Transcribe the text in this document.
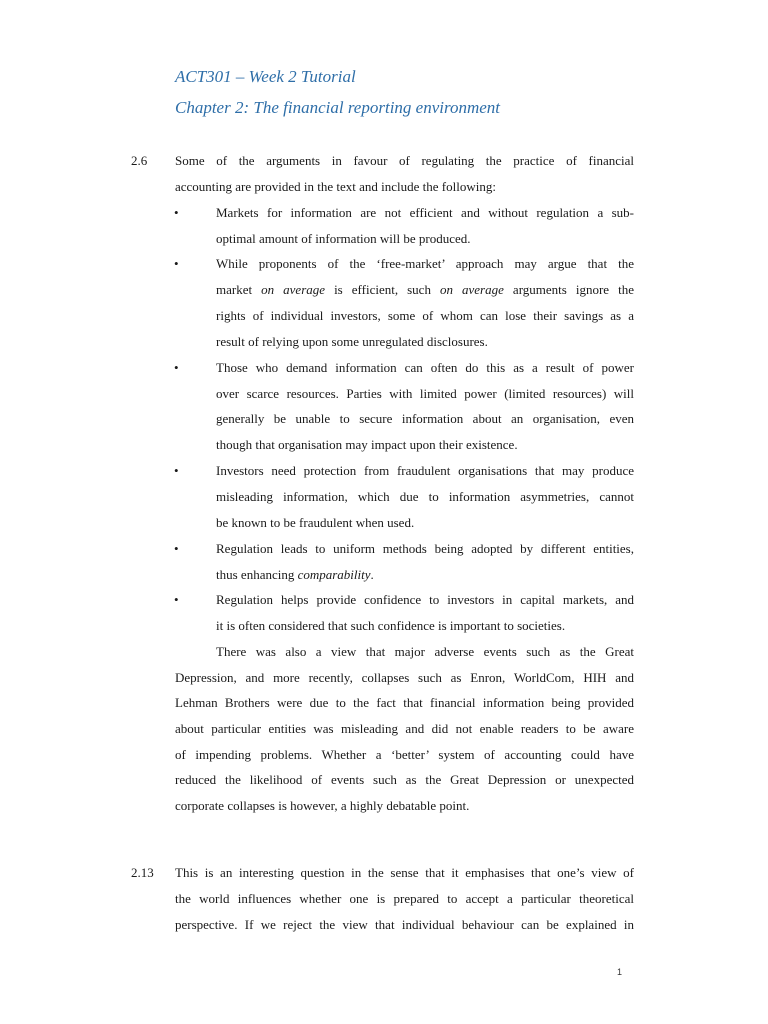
ACT301 – Week 2 Tutorial
Chapter 2: The financial reporting environment
2.6 Some of the arguments in favour of regulating the practice of financial

accounting are provided in the text and include the following:

•	Markets for information are not efficient and without regulation a sub-

optimal amount of information will be produced.

•	While proponents of the ‘free-market’ approach may argue that the

market on average is efficient, such on average arguments ignore the

rights of individual investors, some of whom can lose their savings as a

result of relying upon some unregulated disclosures.

•	Those who demand information can often do this as a result of power

over scarce resources. Parties with limited power (limited resources) will

generally be unable to secure information about an organisation, even

though that organisation may impact upon their existence.

•	Investors need protection from fraudulent organisations that may produce

misleading information, which due to information asymmetries, cannot

be known to be fraudulent when used.

•	Regulation leads to uniform methods being adopted by different entities,

thus enhancing comparability.

•	Regulation helps provide confidence to investors in capital markets, and

it is often considered that such confidence is important to societies.

There was also a view that major adverse events such as the Great

Depression, and more recently, collapses such as Enron, WorldCom, HIH and

Lehman Brothers were due to the fact that financial information being provided

about particular entities was misleading and did not enable readers to be aware

of impending problems. Whether a ‘better’ system of accounting could have

reduced the likelihood of events such as the Great Depression or unexpected

corporate collapses is however, a highly debatable point.

2.13 This is an interesting question in the sense that it emphasises that one’s view of

the world influences whether one is prepared to accept a particular theoretical

perspective. If we reject the view that individual behaviour can be explained in

1
